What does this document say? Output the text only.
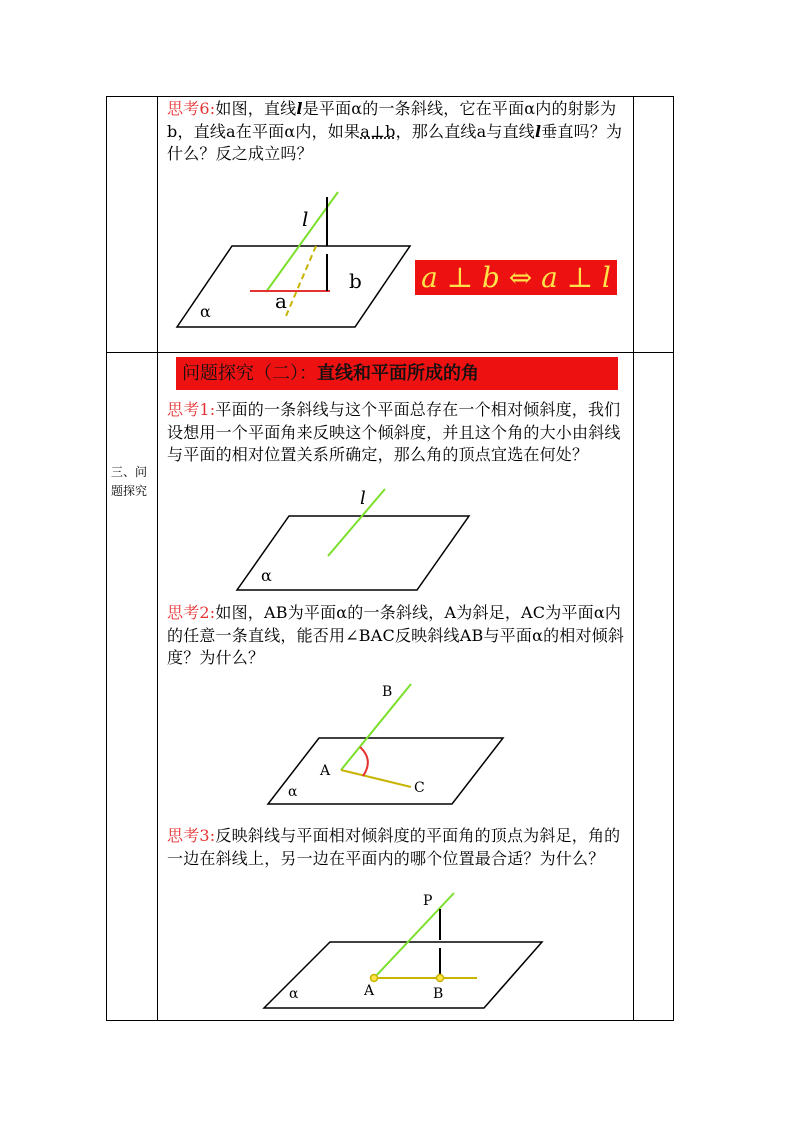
思考6:如图，直线l是平面α的一条斜线，它在平面α内的射影为b，直线a在平面α内，如果a⊥b，那么直线a与直线l垂直吗？为什么？反之成立吗？

l
b
a
α
a ⊥ b ⇔ a ⊥ l
三、问题探究
问题探究（二）：直线和平面所成的角

思考1:平面的一条斜线与这个平面总存在一个相对倾斜度，我们设想用一个平面角来反映这个倾斜度，并且这个角的大小由斜线与平面的相对位置关系所确定，那么角的顶点宜选在何处？

l
α

思考2:如图，AB为平面α的一条斜线，A为斜足，AC为平面α内的任意一条直线，能否用∠BAC反映斜线AB与平面α的相对倾斜度？为什么？

B
A
C
α

思考3:反映斜线与平面相对倾斜度的平面角的顶点为斜足，角的一边在斜线上，另一边在平面内的哪个位置最合适？为什么？

P
A	B
α
